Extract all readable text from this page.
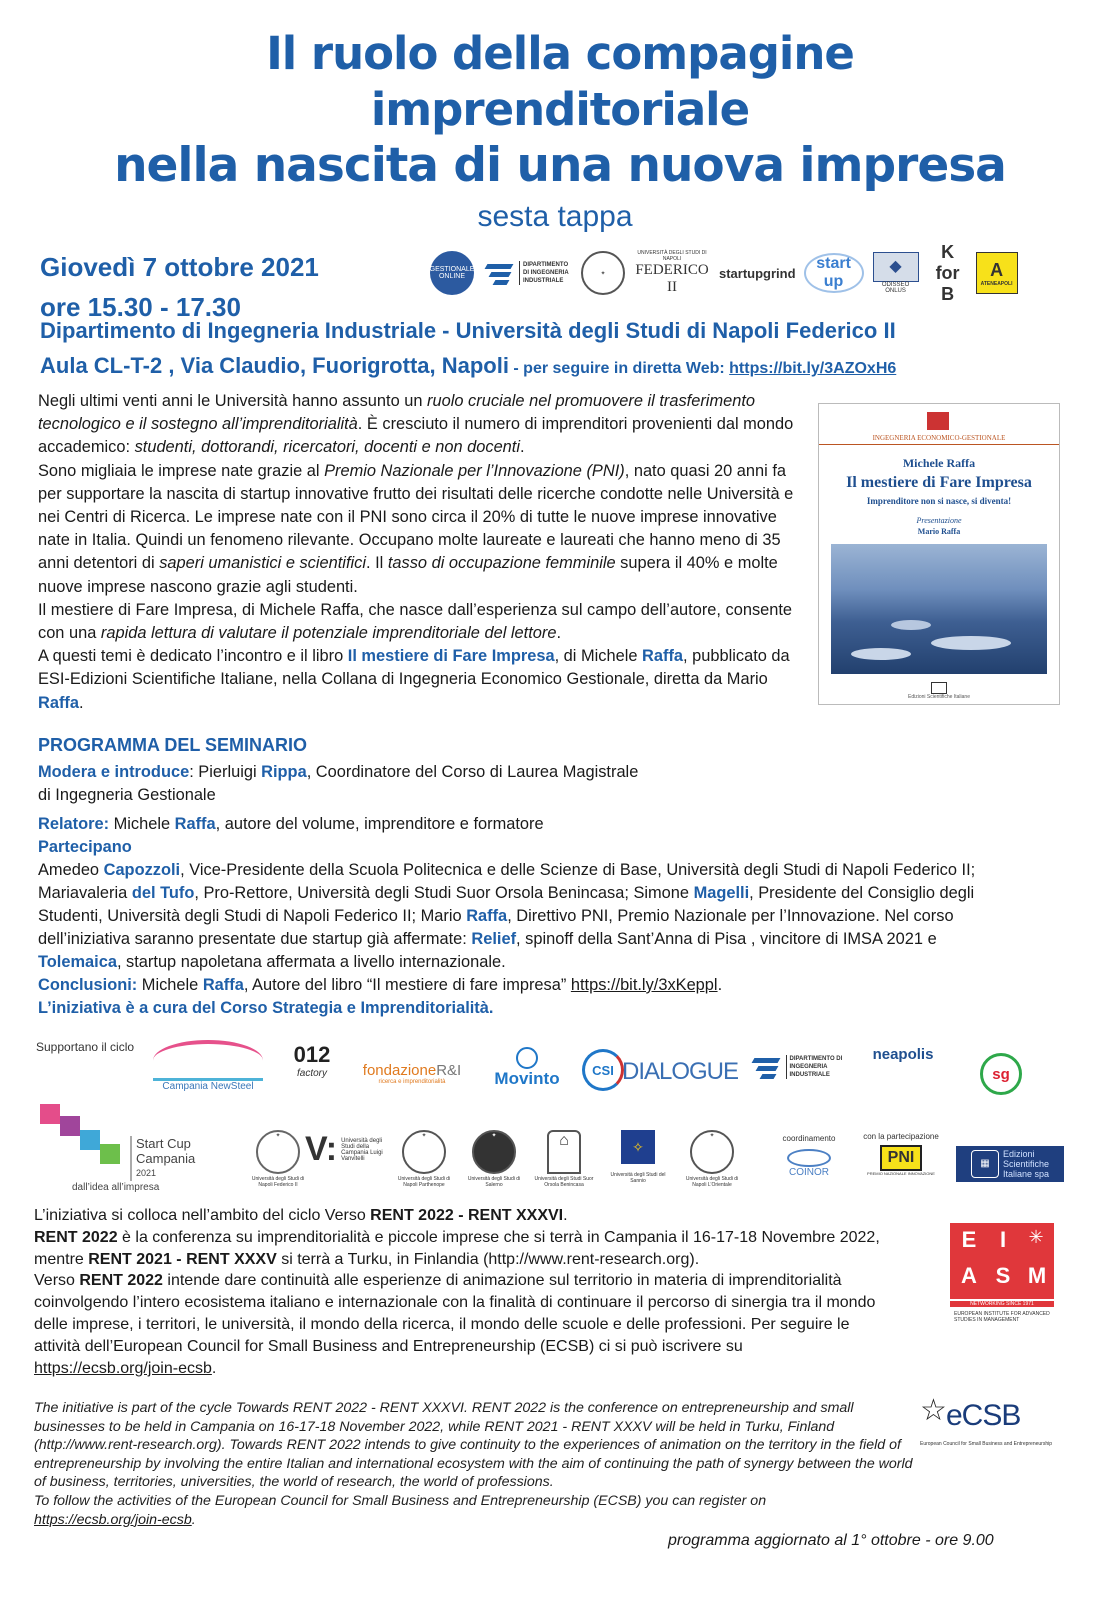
Il ruolo della compagine
imprenditoriale
nella nascita di una nuova impresa
sesta tappa
Giovedì 7 ottobre 2021
ore 15.30 - 17.30
GESTIONALE ONLINE
DIPARTIMENTO DI INGEGNERIA INDUSTRIALE
✦
UNIVERSITÀ DEGLI STUDI DI NAPOLI
FEDERICO II
startupgrind
start up
◆
ODISSEO ONLUS
K for B
A
ATENEAPOLI
Dipartimento di Ingegneria Industriale - Università degli Studi di Napoli Federico II
Aula CL-T-2 , Via Claudio, Fuorigrotta, Napoli - per seguire in diretta Web: https://bit.ly/3AZOxH6

Negli ultimi venti anni le Università hanno assunto un ruolo cruciale nel promuovere il trasferimento tecnologico e il sostegno all’imprenditorialità. È cresciuto il numero di imprenditori provenienti dal mondo accademico: studenti, dottorandi, ricercatori, docenti e non docenti.

Sono migliaia le imprese nate grazie al Premio Nazionale per l’Innovazione (PNI), nato quasi 20 anni fa per supportare la nascita di startup innovative frutto dei risultati delle ricerche condotte nelle Università e nei Centri di Ricerca. Le imprese nate con il PNI sono circa il 20% di tutte le nuove imprese innovative nate in Italia. Quindi un fenomeno rilevante. Occupano molte laureate e laureati che hanno meno di 35 anni detentori di saperi umanistici e scientifici. Il tasso di occupazione femminile supera il 40% e molte nuove imprese nascono grazie agli studenti.

Il mestiere di Fare Impresa, di Michele Raffa, che nasce dall’esperienza sul campo dell’autore, consente con una rapida lettura di valutare il potenziale imprenditoriale del lettore.

A questi temi è dedicato l’incontro e il libro Il mestiere di Fare Impresa, di Michele Raffa, pubblicato da ESI-Edizioni Scientifiche Italiane, nella Collana di Ingegneria Economico Gestionale, diretta da Mario Raffa.

INGEGNERIA ECONOMICO-GESTIONALE
Michele Raffa
Il mestiere di Fare Impresa
Imprenditore non si nasce, si diventa!
Presentazione
Mario Raffa
Edizioni Scientifiche Italiane

PROGRAMMA DEL SEMINARIO

Modera e introduce: Pierluigi Rippa, Coordinatore del Corso di Laurea Magistrale

di Ingegneria Gestionale

Relatore: Michele Raffa, autore del volume, imprenditore e formatore

Partecipano

Amedeo Capozzoli, Vice-Presidente della Scuola Politecnica e delle Scienze di Base, Università degli Studi di Napoli Federico II; Mariavaleria del Tufo, Pro-Rettore, Università degli Studi Suor Orsola Benincasa; Simone Magelli, Presidente del Consiglio degli Studenti, Università degli Studi di Napoli Federico II; Mario Raffa, Direttivo PNI, Premio Nazionale per l’Innovazione. Nel corso dell’iniziativa saranno presentate due startup già affermate: Relief, spinoff della Sant’Anna di Pisa , vincitore di IMSA 2021 e Tolemaica, startup napoletana affermata a livello internazionale.

Conclusioni: Michele Raffa, Autore del libro “Il mestiere di fare impresa” https://bit.ly/3xKeppl.

L’iniziativa è a cura del Corso Strategia e Imprenditorialità.

Supportano il ciclo
Campania NewSteel
012
factory fondazioneR&I
ricerca e imprenditorialità	Movinto	CSI DIALOGUE	DIPARTIMENTO DI INGEGNERIA INDUSTRIALE
neapolis
sg
Start Cup
Campania
2021
dall’idea all’impresa
✦
Università degli Studi di Napoli Federico II
V: Università degli Studi della Campania Luigi Vanvitelli
✦
Università degli Studi di Napoli Parthenope
✦
Università degli Studi di Salerno
⌂
Università degli Studi Suor Orsola Benincasa
✧
Università degli Studi del Sannio
✦
Università degli Studi di Napoli L’Orientale
coordinamento
COINOR
con la partecipazione
PNI
PREMIO NAZIONALE INNOVAZIONE
▦
Edizioni
Scientifiche
Italiane spa

L’iniziativa si colloca nell’ambito del ciclo Verso RENT 2022 - RENT XXXVI.

RENT 2022 è la conferenza su imprenditorialità e piccole imprese che si terrà in Campania il 16-17-18 Novembre 2022, mentre RENT 2021 - RENT XXXV si terrà a Turku, in Finlandia (http://www.rent-research.org).

Verso RENT 2022 intende dare continuità alle esperienze di animazione sul territorio in materia di imprenditorialità coinvolgendo l’intero ecosistema italiano e internazionale con la finalità di continuare il percorso di sinergia tra il mondo delle imprese, i territori, le università, il mondo della ricerca, il mondo delle scuole e delle professioni. Per seguire le attività dell’European Council for Small Business and Entrepreneurship (ECSB) ci si può iscrivere su https://ecsb.org/join-ecsb.

E	I	✳
A S M
NETWORKING SINCE 1971
EUROPEAN INSTITUTE FOR ADVANCED STUDIES IN MANAGEMENT

The initiative is part of the cycle Towards RENT 2022 - RENT XXXVI. RENT 2022 is the conference on entrepreneurship and small businesses to be held in Campania on 16-17-18 November 2022, while RENT 2021 - RENT XXXV will be held in Turku, Finland (http://www.rent-research.org). Towards RENT 2022 intends to give continuity to the experiences of animation on the territory in the field of entrepreneurship by involving the entire Italian and international ecosystem with the aim of continuing the path of synergy between the world of business, territories, universities, the world of research, the world of professions.

To follow the activities of the European Council for Small Business and Entrepreneurship (ECSB) you can register on

https://ecsb.org/join-ecsb.

☆ eCSB
European Council for Small Business and Entrepreneurship
programma aggiornato al 1° ottobre - ore 9.00
